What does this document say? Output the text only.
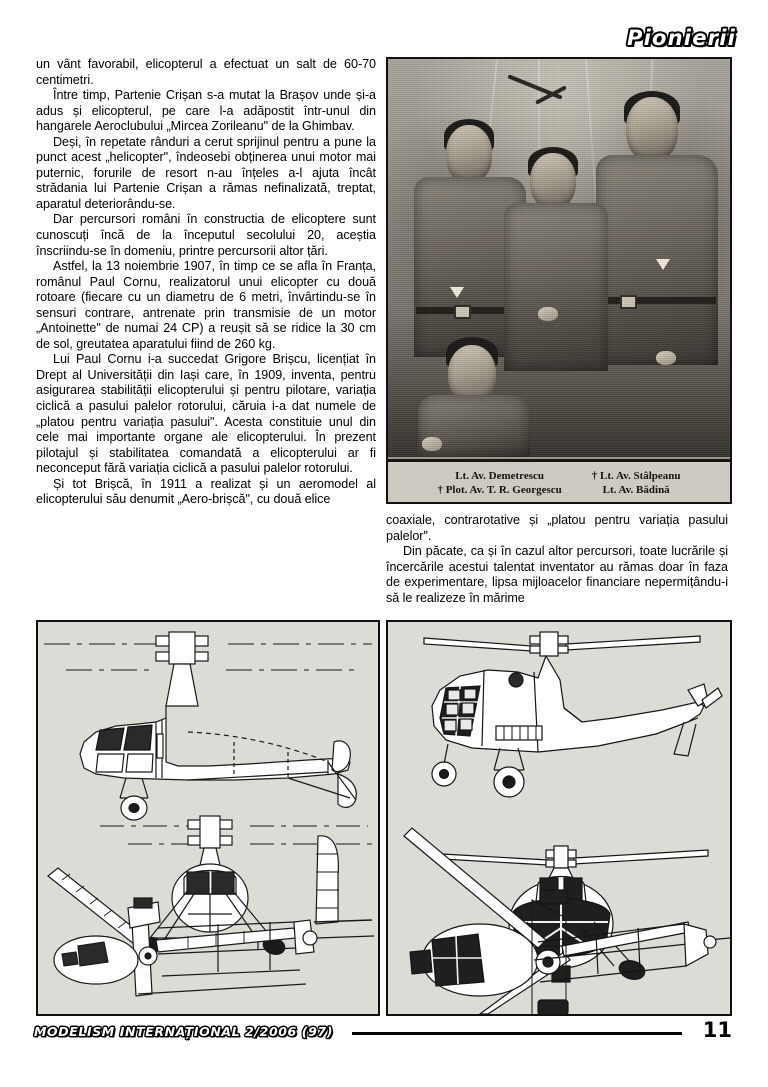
Pionierii

un vânt favorabil, elicopterul a efectuat un salt de 60-70 centimetri.

Între timp, Partenie Crișan s-a mutat la Brașov unde și-a adus și elicopterul, pe care l-a adăpostit într-unul din hangarele Aeroclubului „Mircea Zorileanu" de la Ghimbav.

Deși, în repetate rânduri a cerut sprijinul pentru a pune la punct acest „helicopter", îndeosebi obținerea unui motor mai puternic, forurile de resort n-au înțeles a-l ajuta încât strădania lui Partenie Crișan a rămas nefinalizată, treptat, aparatul deteriorându-se.

Dar percursori români în constructia de elicoptere sunt cunoscuți încă de la începutul secolului 20, aceștia înscriindu-se în domeniu, printre percursorii altor țări.

Astfel, la 13 noiembrie 1907, în timp ce se afla în Franța, românul Paul Cornu, realizatorul unui elicopter cu două rotoare (fiecare cu un diametru de 6 metri, învârtindu-se în sensuri contrare, antrenate prin transmisie de un motor „Antoinette" de numai 24 CP) a reușit să se ridice la 30 cm de sol, greutatea aparatului fiind de 260 kg.

Lui Paul Cornu i-a succedat Grigore Brișcu, licențiat în Drept al Universității din Iași care, în 1909, inventa, pentru asigurarea stabilității elicopterului și pentru pilotare, variația ciclică a pasului palelor rotorului, căruia i-a dat numele de „platou pentru variația pasului". Acesta constituie unul din cele mai importante organe ale elicopterului. În prezent pilotajul și stabilitatea comandată a elicopterului ar fi neconceput fără variația ciclică a pasului palelor rotorului.

Și tot Brișcă, în 1911 a realizat și un aeromodel al elicopterului său denumit „Aero-brișcă", cu două elice

Lt. Av. Demetrescu
† Plot. Av. T. R. Georgescu
† Lt. Av. Stâlpeanu
Lt. Av. Bădină

coaxiale, contrarotative și „platou pentru variația pasului palelor".

Din păcate, ca și în cazul altor percursori, toate lucrările și încercările acestui talentat inventator au rămas doar în faza de experimentare, lipsa mijloacelor financiare nepermițându-i să le realizeze în mărime

MODELISM INTERNAȚIONAL 2/2006 (97)	11
